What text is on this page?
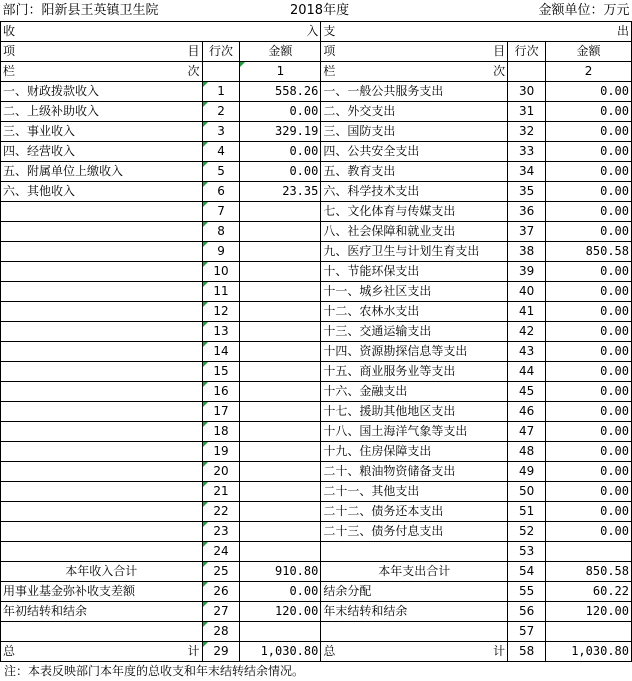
部门：阳新县王英镇卫生院		2018年度		金额单位：万元	

收 入			支 出		

项 目	行次	金额	项 目	行次	金额

栏 次		1	栏 次		2
一、财政拨款收入	1	558.26	一、一般公共服务支出	30	0.00
二、上级补助收入	2	0.00	二、外交支出	31	0.00
三、事业收入	3	329.19	三、国防支出	32	0.00
四、经营收入	4	0.00	四、公共安全支出	33	0.00
五、附属单位上缴收入	5	0.00	五、教育支出	34	0.00
六、其他收入	6	23.35	六、科学技术支出	35	0.00
	7		七、文化体育与传媒支出	36	0.00
	8		八、社会保障和就业支出	37	0.00
	9		九、医疗卫生与计划生育支出	38	850.58
	10		十、节能环保支出	39	0.00
	11		十一、城乡社区支出	40	0.00
	12		十二、农林水支出	41	0.00
	13		十三、交通运输支出	42	0.00
	14		十四、资源勘探信息等支出	43	0.00
	15		十五、商业服务业等支出	44	0.00
	16		十六、金融支出	45	0.00
	17		十七、援助其他地区支出	46	0.00
	18		十八、国土海洋气象等支出	47	0.00
	19		十九、住房保障支出	48	0.00
	20		二十、粮油物资储备支出	49	0.00
	21		二十一、其他支出	50	0.00
	22		二十二、债务还本支出	51	0.00
	23		二十三、债务付息支出	52	0.00
	24			53	
本年收入合计	25	910.80	本年支出合计	54	850.58
用事业基金弥补收支差额	26	0.00	结余分配	55	60.22
年初结转和结余	27	120.00	年末结转和结余	56	120.00
	28			57	

总 计	29	1,030.80	总 计	58	1,030.80
注：本表反映部门本年度的总收支和年末结转结余情况。
